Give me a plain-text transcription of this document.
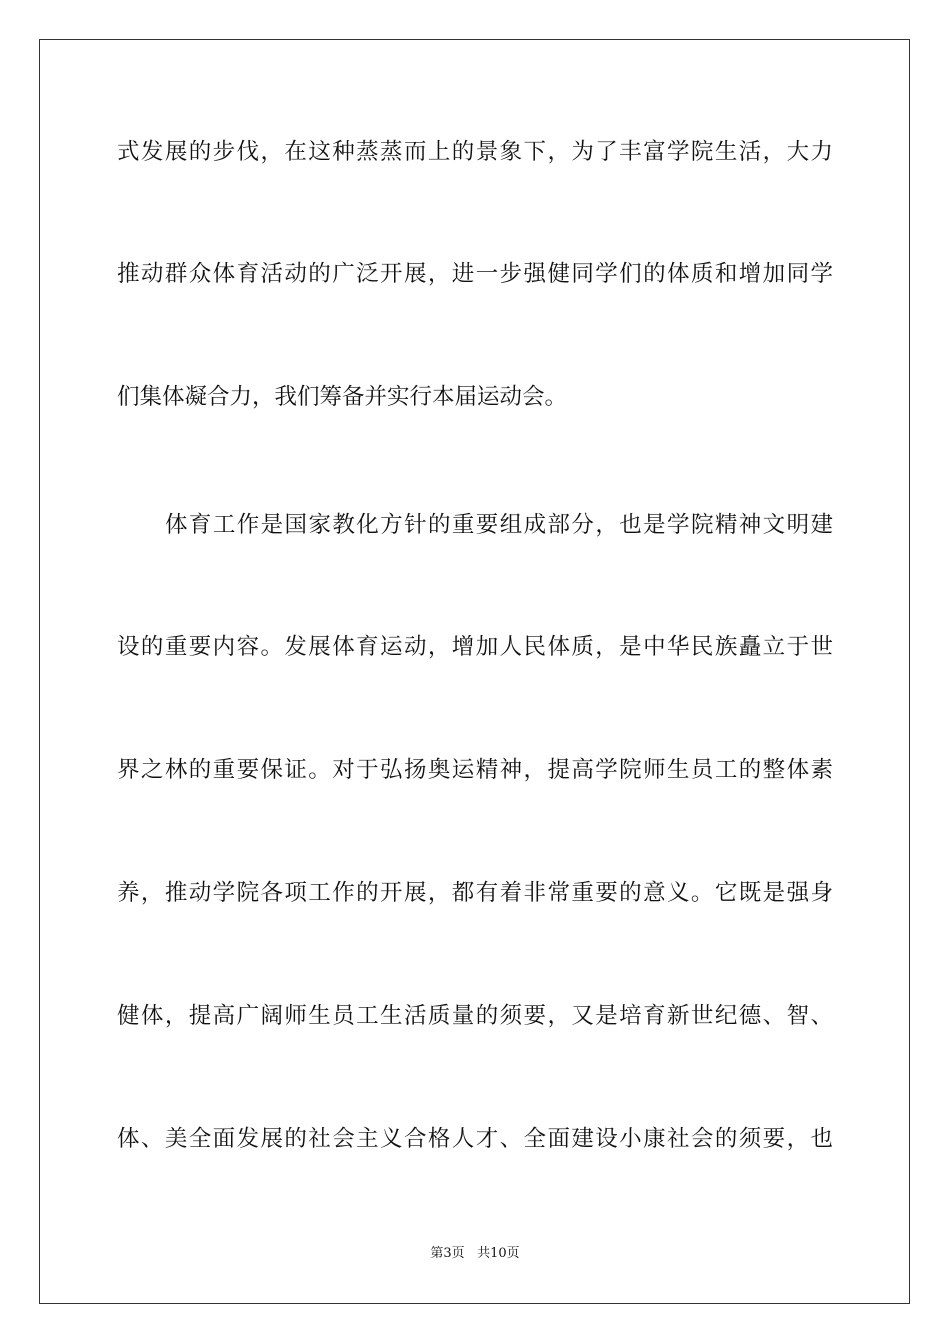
式发展的步伐，在这种蒸蒸而上的景象下，为了丰富学院生活，大力
推动群众体育活动的广泛开展，进一步强健同学们的体质和增加同学
们集体凝合力，我们筹备并实行本届运动会。
体育工作是国家教化方针的重要组成部分，也是学院精神文明建
设的重要内容。发展体育运动，增加人民体质，是中华民族矗立于世
界之林的重要保证。对于弘扬奥运精神，提高学院师生员工的整体素
养，推动学院各项工作的开展，都有着非常重要的意义。它既是强身
健体，提高广阔师生员工生活质量的须要，又是培育新世纪德、智、
体、美全面发展的社会主义合格人才、全面建设小康社会的须要，也
第3页 共10页
